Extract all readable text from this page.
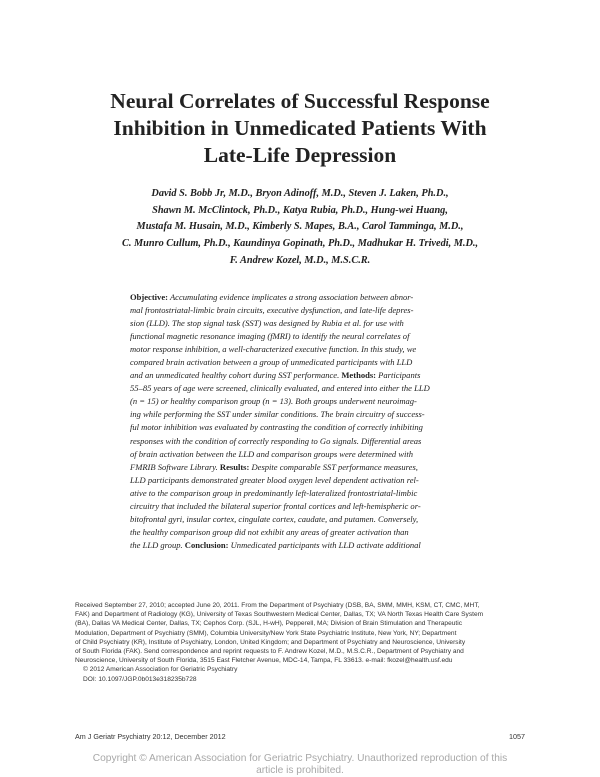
Neural Correlates of Successful Response
Inhibition in Unmedicated Patients With
Late-Life Depression
David S. Bobb Jr, M.D., Bryon Adinoff, M.D., Steven J. Laken, Ph.D.,
Shawn M. McClintock, Ph.D., Katya Rubia, Ph.D., Hung-wei Huang,
Mustafa M. Husain, M.D., Kimberly S. Mapes, B.A., Carol Tamminga, M.D.,
C. Munro Cullum, Ph.D., Kaundinya Gopinath, Ph.D., Madhukar H. Trivedi, M.D.,
F. Andrew Kozel, M.D., M.S.C.R.
Objective: Accumulating evidence implicates a strong association between abnor-
mal frontostriatal-limbic brain circuits, executive dysfunction, and late-life depres-
sion (LLD). The stop signal task (SST) was designed by Rubia et al. for use with
functional magnetic resonance imaging (fMRI) to identify the neural correlates of
motor response inhibition, a well-characterized executive function. In this study, we
compared brain activation between a group of unmedicated participants with LLD
and an unmedicated healthy cohort during SST performance. Methods: Participants
55–85 years of age were screened, clinically evaluated, and entered into either the LLD
(n = 15) or healthy comparison group (n = 13). Both groups underwent neuroimag-
ing while performing the SST under similar conditions. The brain circuitry of success-
ful motor inhibition was evaluated by contrasting the condition of correctly inhibiting
responses with the condition of correctly responding to Go signals. Differential areas
of brain activation between the LLD and comparison groups were determined with
FMRIB Software Library. Results: Despite comparable SST performance measures,
LLD participants demonstrated greater blood oxygen level dependent activation rel-
ative to the comparison group in predominantly left-lateralized frontostriatal-limbic
circuitry that included the bilateral superior frontal cortices and left-hemispheric or-
bitofrontal gyri, insular cortex, cingulate cortex, caudate, and putamen. Conversely,
the healthy comparison group did not exhibit any areas of greater activation than
the LLD group. Conclusion: Unmedicated participants with LLD activate additional
Received September 27, 2010; accepted June 20, 2011. From the Department of Psychiatry (DSB, BA, SMM, MMH, KSM, CT, CMC, MHT,
FAK) and Department of Radiology (KG), University of Texas Southwestern Medical Center, Dallas, TX; VA North Texas Health Care System
(BA), Dallas VA Medical Center, Dallas, TX; Cephos Corp. (SJL, H-wH), Pepperell, MA; Division of Brain Stimulation and Therapeutic
Modulation, Department of Psychiatry (SMM), Columbia University/New York State Psychiatric Institute, New York, NY; Department
of Child Psychiatry (KR), Institute of Psychiatry, London, United Kingdom; and Department of Psychiatry and Neuroscience, University
of South Florida (FAK). Send correspondence and reprint requests to F. Andrew Kozel, M.D., M.S.C.R., Department of Psychiatry and
Neuroscience, University of South Florida, 3515 East Fletcher Avenue, MDC-14, Tampa, FL 33613. e-mail: fkozel@health.usf.edu
© 2012 American Association for Geriatric Psychiatry
DOI: 10.1097/JGP.0b013e318235b728
Am J Geriatr Psychiatry 20:12, December 2012	1057
Copyright © American Association for Geriatric Psychiatry. Unauthorized reproduction of this
article is prohibited.
